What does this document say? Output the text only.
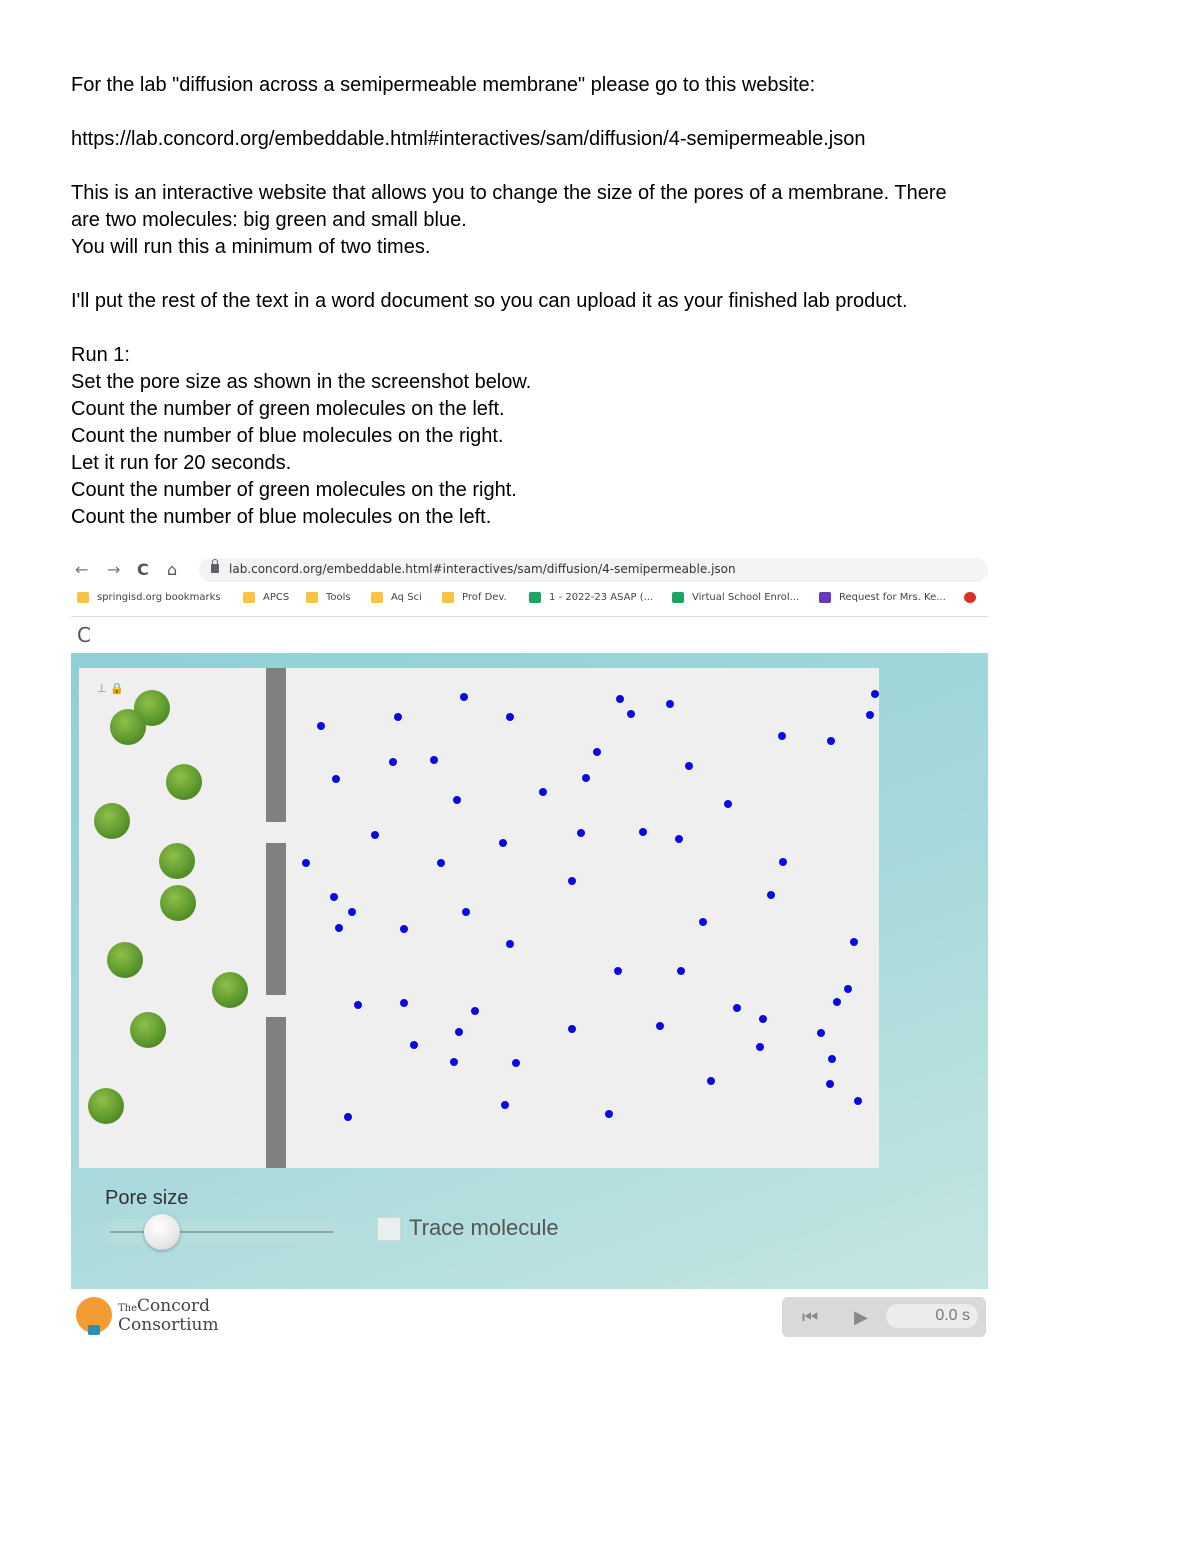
For the lab "diffusion across a semipermeable membrane" please go to this website:

https://lab.concord.org/embeddable.html#interactives/sam/diffusion/4-semipermeable.json

This is an interactive website that allows you to change the size of the pores of a membrane. There

are two molecules: big green and small blue.

You will run this a minimum of two times.

I'll put the rest of the text in a word document so you can upload it as your finished lab product.

Run 1:

Set the pore size as shown in the screenshot below.

Count the number of green molecules on the left.

Count the number of blue molecules on the right.

Let it run for 20 seconds.

Count the number of green molecules on the right.

Count the number of blue molecules on the left.

← → C ⌂	lab.concord.org/embeddable.html#interactives/sam/diffusion/4-semipermeable.json
springisd.org bookmarks	APCS	Tools	Aq Sci	Prof Dev.	1 - 2022-23 ASAP (...	Virtual School Enrol...	Request for Mrs. Ke...
C
⊥ 🔒
Pore size
Trace molecule
TheConcord
Consortium	⏮ ▶	0.0 s
